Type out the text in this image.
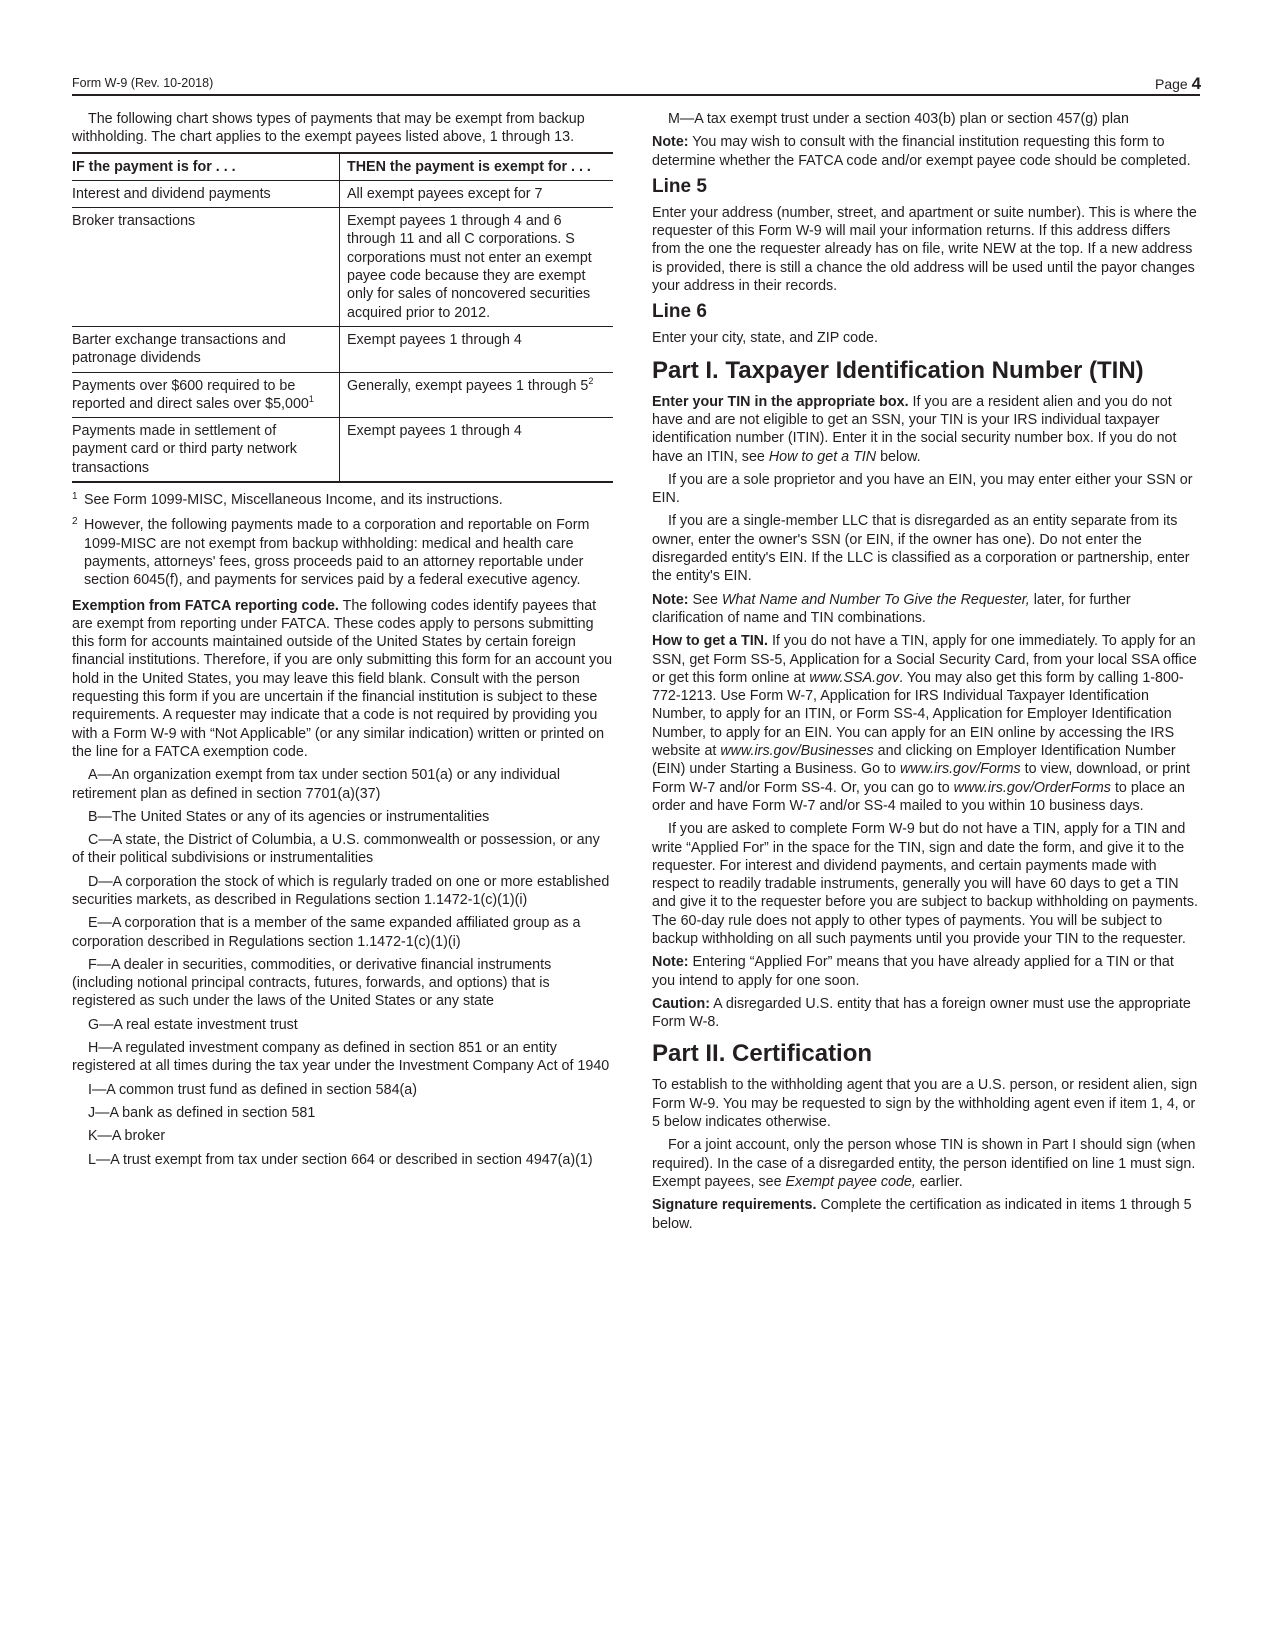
Form W-9 (Rev. 10-2018)	Page 4

The following chart shows types of payments that may be exempt from backup withholding. The chart applies to the exempt payees listed above, 1 through 13.

IF the payment is for . . .	THEN the payment is exempt for . . .
Interest and dividend payments	All exempt payees except for 7
Broker transactions	Exempt payees 1 through 4 and 6 through 11 and all C corporations. S corporations must not enter an exempt payee code because they are exempt only for sales of noncovered securities acquired prior to 2012.
Barter exchange transactions and patronage dividends	Exempt payees 1 through 4
Payments over $600 required to be reported and direct sales over $5,000$^1$	Generally, exempt payees 1 through $5^2$
Payments made in settlement of payment card or third party network transactions	Exempt payees 1 through 4

1 See Form 1099-MISC, Miscellaneous Income, and its instructions.

2 However, the following payments made to a corporation and reportable on Form 1099-MISC are not exempt from backup withholding: medical and health care payments, attorneys' fees, gross proceeds paid to an attorney reportable under section 6045(f), and payments for services paid by a federal executive agency.

Exemption from FATCA reporting code. The following codes identify payees that are exempt from reporting under FATCA. These codes apply to persons submitting this form for accounts maintained outside of the United States by certain foreign financial institutions. Therefore, if you are only submitting this form for an account you hold in the United States, you may leave this field blank. Consult with the person requesting this form if you are uncertain if the financial institution is subject to these requirements. A requester may indicate that a code is not required by providing you with a Form W-9 with “Not Applicable” (or any similar indication) written or printed on the line for a FATCA exemption code.

A—An organization exempt from tax under section 501(a) or any individual retirement plan as defined in section 7701(a)(37)

B—The United States or any of its agencies or instrumentalities

C—A state, the District of Columbia, a U.S. commonwealth or possession, or any of their political subdivisions or instrumentalities

D—A corporation the stock of which is regularly traded on one or more established securities markets, as described in Regulations section 1.1472-1(c)(1)(i)

E—A corporation that is a member of the same expanded affiliated group as a corporation described in Regulations section 1.1472-1(c)(1)(i)

F—A dealer in securities, commodities, or derivative financial instruments (including notional principal contracts, futures, forwards, and options) that is registered as such under the laws of the United States or any state

G—A real estate investment trust

H—A regulated investment company as defined in section 851 or an entity registered at all times during the tax year under the Investment Company Act of 1940

I—A common trust fund as defined in section 584(a)

J—A bank as defined in section 581

K—A broker

L—A trust exempt from tax under section 664 or described in section 4947(a)(1)

M—A tax exempt trust under a section 403(b) plan or section 457(g) plan

Note: You may wish to consult with the financial institution requesting this form to determine whether the FATCA code and/or exempt payee code should be completed.

Line 5

Enter your address (number, street, and apartment or suite number). This is where the requester of this Form W-9 will mail your information returns. If this address differs from the one the requester already has on file, write NEW at the top. If a new address is provided, there is still a chance the old address will be used until the payor changes your address in their records.

Line 6

Enter your city, state, and ZIP code.

Part I. Taxpayer Identification Number (TIN)

Enter your TIN in the appropriate box. If you are a resident alien and you do not have and are not eligible to get an SSN, your TIN is your IRS individual taxpayer identification number (ITIN). Enter it in the social security number box. If you do not have an ITIN, see How to get a TIN below.

If you are a sole proprietor and you have an EIN, you may enter either your SSN or EIN.

If you are a single-member LLC that is disregarded as an entity separate from its owner, enter the owner's SSN (or EIN, if the owner has one). Do not enter the disregarded entity's EIN. If the LLC is classified as a corporation or partnership, enter the entity's EIN.

Note: See What Name and Number To Give the Requester, later, for further clarification of name and TIN combinations.

How to get a TIN. If you do not have a TIN, apply for one immediately. To apply for an SSN, get Form SS-5, Application for a Social Security Card, from your local SSA office or get this form online at www.SSA.gov. You may also get this form by calling 1-800-772-1213. Use Form W-7, Application for IRS Individual Taxpayer Identification Number, to apply for an ITIN, or Form SS-4, Application for Employer Identification Number, to apply for an EIN. You can apply for an EIN online by accessing the IRS website at www.irs.gov/Businesses and clicking on Employer Identification Number (EIN) under Starting a Business. Go to www.irs.gov/Forms to view, download, or print Form W-7 and/or Form SS-4. Or, you can go to www.irs.gov/OrderForms to place an order and have Form W-7 and/or SS-4 mailed to you within 10 business days.

If you are asked to complete Form W-9 but do not have a TIN, apply for a TIN and write “Applied For” in the space for the TIN, sign and date the form, and give it to the requester. For interest and dividend payments, and certain payments made with respect to readily tradable instruments, generally you will have 60 days to get a TIN and give it to the requester before you are subject to backup withholding on payments. The 60-day rule does not apply to other types of payments. You will be subject to backup withholding on all such payments until you provide your TIN to the requester.

Note: Entering “Applied For” means that you have already applied for a TIN or that you intend to apply for one soon.

Caution: A disregarded U.S. entity that has a foreign owner must use the appropriate Form W-8.

Part II. Certification

To establish to the withholding agent that you are a U.S. person, or resident alien, sign Form W-9. You may be requested to sign by the withholding agent even if item 1, 4, or 5 below indicates otherwise.

For a joint account, only the person whose TIN is shown in Part I should sign (when required). In the case of a disregarded entity, the person identified on line 1 must sign. Exempt payees, see Exempt payee code, earlier.

Signature requirements. Complete the certification as indicated in items 1 through 5 below.
